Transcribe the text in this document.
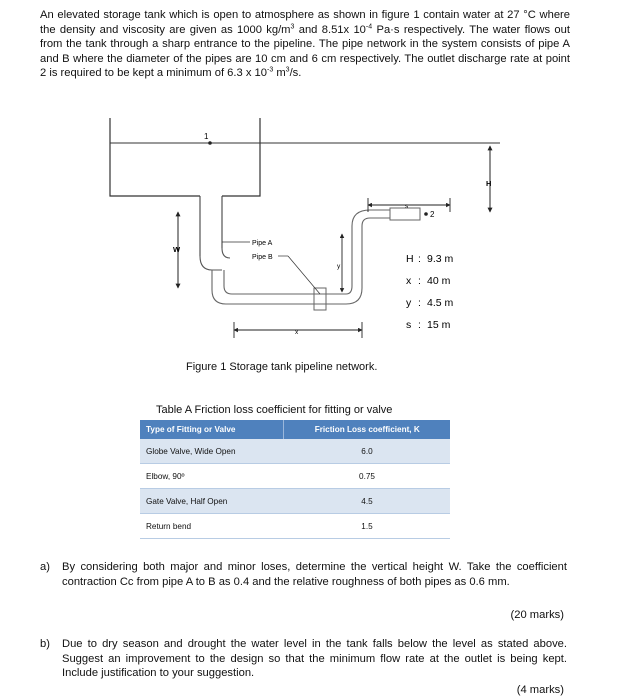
An elevated storage tank which is open to atmosphere as shown in figure 1 contain water at 27 °C where the density and viscosity are given as 1000 $kg/m^3$ and 8.51x $10^{-4}$ Pa·s respectively. The water flows out from the tank through a sharp entrance to the pipeline. The pipe network in the system consists of pipe A and B where the diameter of the pipes are 10 cm and 6 cm respectively. The outlet discharge rate at point 2 is required to be kept a minimum of 6.3 x $10^{-3}$ $m^3/s$.
1
2
H
s
W
y
x
Pipe A
Pipe B	H : 9.3 m
x : 40 m
y : 4.5 m
s : 15 m
Figure 1 Storage tank pipeline network.
Table A Friction loss coefficient for fitting or valve
Type of Fitting or Valve	Friction Loss coefficient, K
Globe Valve, Wide Open	6.0
Elbow, 90º	0.75
Gate Valve, Half Open	4.5
Return bend	1.5
a) By considering both major and minor loses, determine the vertical height W. Take the coefficient contraction Cc from pipe A to B as 0.4 and the relative roughness of both pipes as 0.6 mm.
(20 marks)
b) Due to dry season and drought the water level in the tank falls below the level as stated above. Suggest an improvement to the design so that the minimum flow rate at the outlet is being kept. Include justification to your suggestion.
(4 marks)
